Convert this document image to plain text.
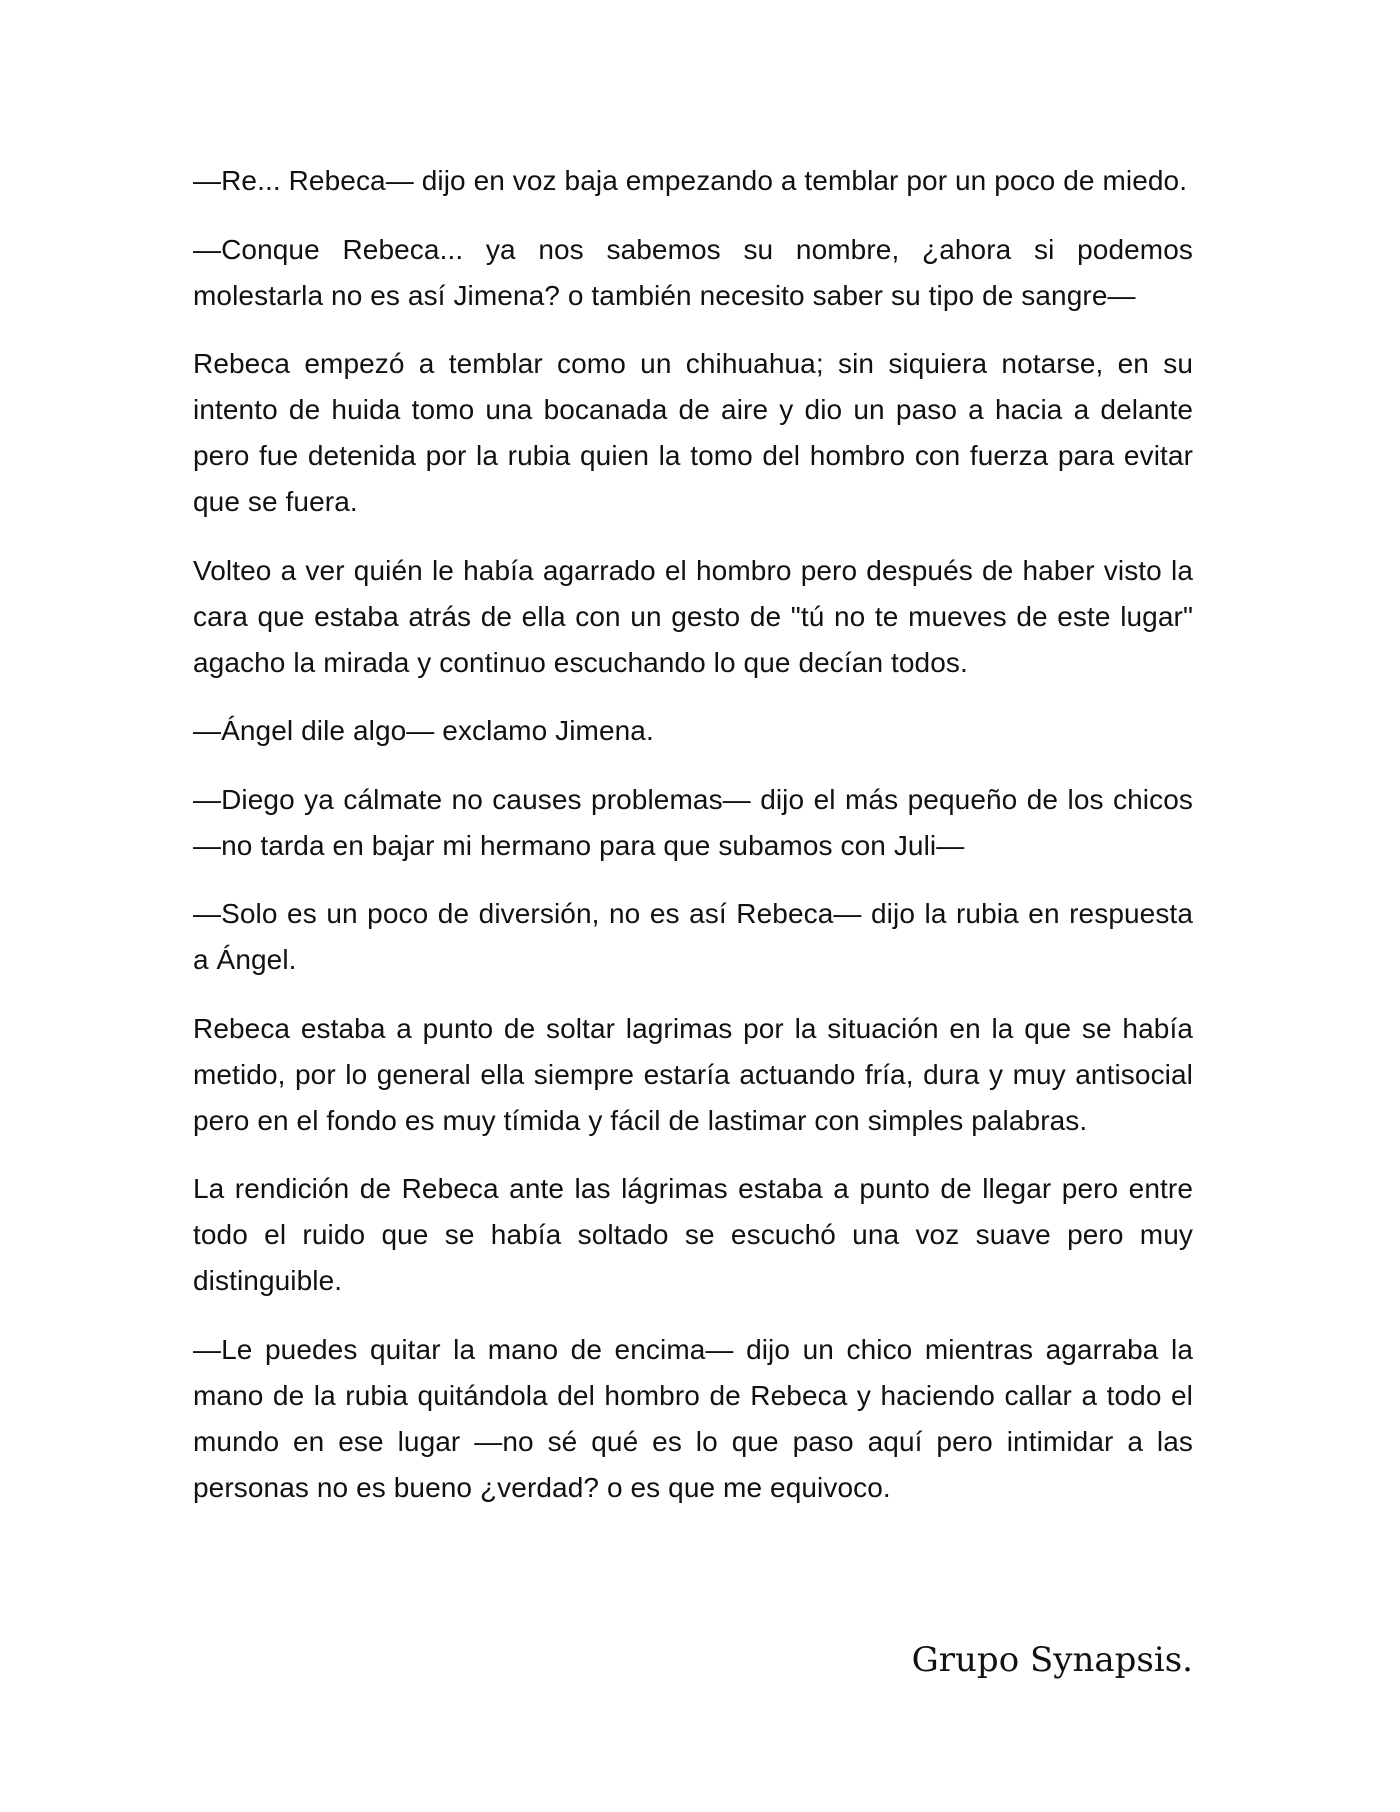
—Re... Rebeca— dijo en voz baja empezando a temblar por un poco de miedo.

—Conque Rebeca... ya nos sabemos su nombre, ¿ahora si podemos molestarla no es así Jimena? o también necesito saber su tipo de sangre—

Rebeca empezó a temblar como un chihuahua; sin siquiera notarse, en su intento de huida tomo una bocanada de aire y dio un paso a hacia a delante pero fue detenida por la rubia quien la tomo del hombro con fuerza para evitar que se fuera.

Volteo a ver quién le había agarrado el hombro pero después de haber visto la cara que estaba atrás de ella con un gesto de "tú no te mueves de este lugar" agacho la mirada y continuo escuchando lo que decían todos.

—Ángel dile algo— exclamo Jimena.

—Diego ya cálmate no causes problemas— dijo el más pequeño de los chicos —no tarda en bajar mi hermano para que subamos con Juli—

—Solo es un poco de diversión, no es así Rebeca— dijo la rubia en respuesta a Ángel.

Rebeca estaba a punto de soltar lagrimas por la situación en la que se había metido, por lo general ella siempre estaría actuando fría, dura y muy antisocial pero en el fondo es muy tímida y fácil de lastimar con simples palabras.

La rendición de Rebeca ante las lágrimas estaba a punto de llegar pero entre todo el ruido que se había soltado se escuchó una voz suave pero muy distinguible.

—Le puedes quitar la mano de encima— dijo un chico mientras agarraba la mano de la rubia quitándola del hombro de Rebeca y haciendo callar a todo el mundo en ese lugar —no sé qué es lo que paso aquí pero intimidar a las personas no es bueno ¿verdad? o es que me equivoco.

Grupo Synapsis.
